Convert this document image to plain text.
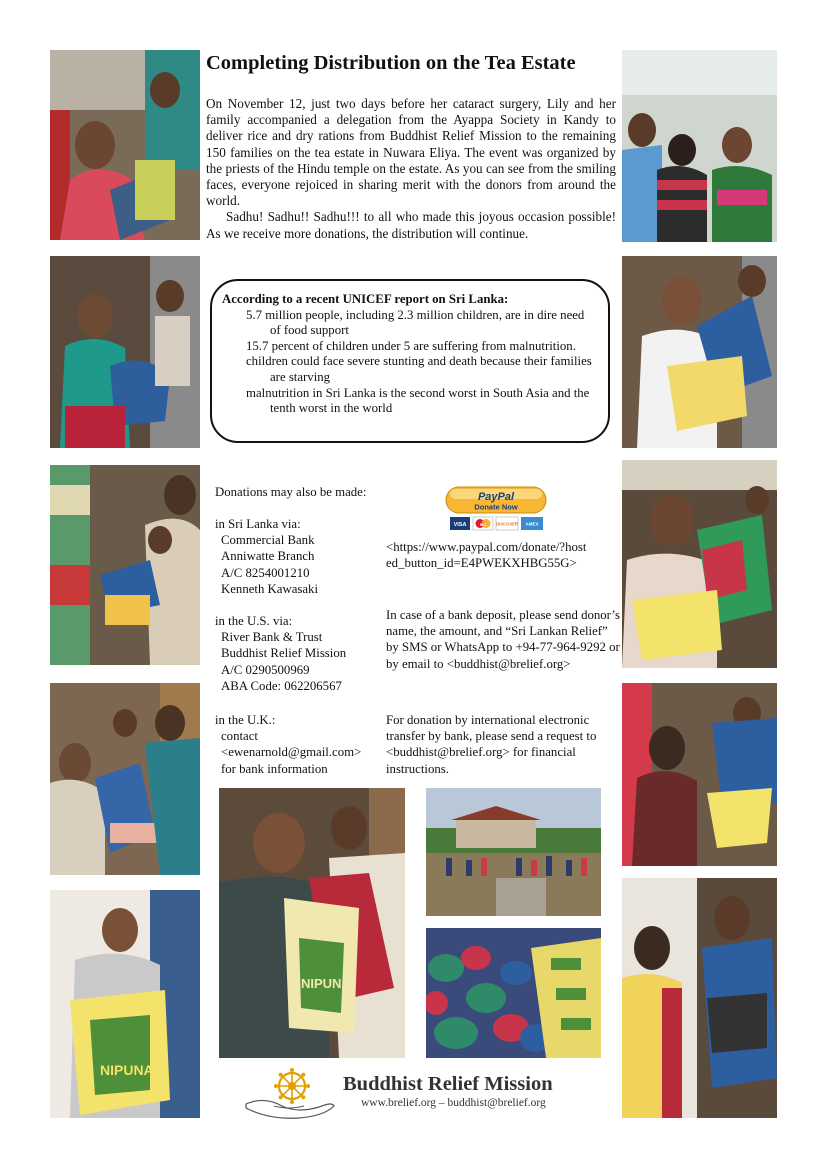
NIPUNA
NIPUNA
Completing Distribution on the Tea Estate

On November 12, just two days before her cataract surgery, Lily and her family accompanied a delegation from the Ayappa Society in Kandy to deliver rice and dry rations from Buddhist Relief Mission to the remaining 150 families on the tea estate in Nuwara Eliya. The event was organized by the priests of the Hindu temple on the estate. As you can see from the smiling faces, everyone rejoiced in sharing merit with the donors from around the world.

Sadhu! Sadhu!! Sadhu!!! to all who made this joyous occasion possible! As we receive more donations, the distribution will continue.

According to a recent UNICEF report on Sri Lanka:
5.7 million people, including 2.3 million children, are in dire need of food support
15.7 percent of children under 5 are suffering from malnutrition.
children could face severe stunting and death because their families are starving
malnutrition in Sri Lanka is the second worst in South Asia and the tenth worst in the world
Donations may also be made:
in Sri Lanka via:
Commercial Bank
Anniwatte Branch
A/C 8254001210
Kenneth Kawasaki
in the U.S. via:
River Bank & Trust
Buddhist Relief Mission
A/C 0290500969
ABA Code: 062206567
in the U.K.:
contact
<ewenarnold@gmail.com>
for bank information
PayPal
Donate Now
VISA	MC DISCOVER AMEX
<https://www.paypal.com/donate/?host
ed_button_id=E4PWEKXHBG55G>
In case of a bank deposit, please send donor’s name, the amount, and “Sri Lankan Relief” by SMS or WhatsApp to +94-77-964-9292 or by email to <buddhist@brelief.org>
For donation by international electronic transfer by bank, please send a request to <buddhist@brelief.org> for financial instructions.
Buddhist Relief Mission
www.brelief.org – buddhist@brelief.org
